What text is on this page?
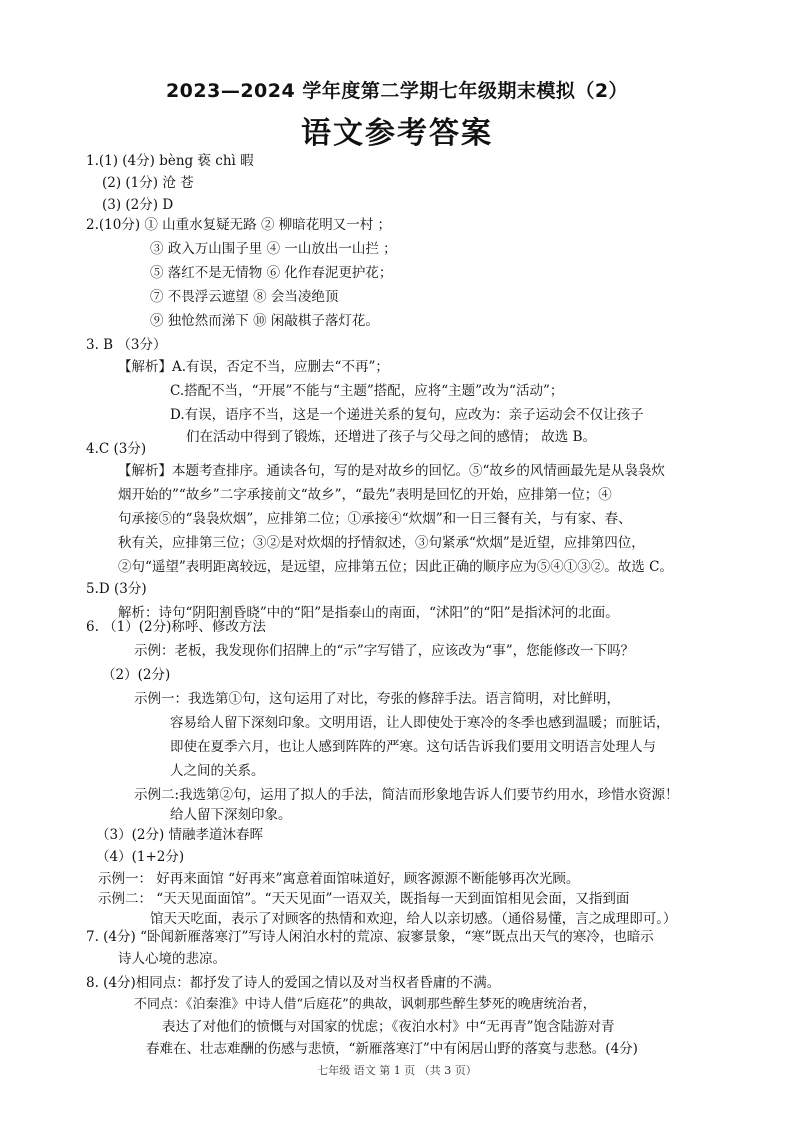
2023—2024 学年度第二学期七年级期末模拟（2）
语文参考答案
1.(1) (4分) bèng 亵 chì 暇
(2) (1分) 沧 苍
(3) (2分) D
2.(10分) ① 山重水复疑无路 ② 柳暗花明又一村 ；
③ 政入万山围子里 ④ 一山放出一山拦 ；
⑤ 落红不是无情物 ⑥ 化作春泥更护花；
⑦ 不畏浮云遮望 ⑧ 会当凌绝顶
⑨ 独怆然而涕下 ⑩ 闲敲棋子落灯花。
3. B （3分）
【解析】A.有误，否定不当，应删去“不再”；
C.搭配不当，“开展”不能与“主题”搭配，应将“主题”改为“活动”；
D.有误，语序不当，这是一个递进关系的复句，应改为：亲子运动会不仅让孩子
们在活动中得到了锻炼，还增进了孩子与父母之间的感情； 故选 B。
4.C (3分)
【解析】本题考查排序。通读各句，写的是对故乡的回忆。⑤“故乡的风情画最先是从袅袅炊
烟开始的”“故乡”二字承接前文“故乡”，“最先”表明是回忆的开始，应排第一位；④
句承接⑤的“袅袅炊烟”，应排第二位；①承接④“炊烟”和一日三餐有关，与有家、春、
秋有关，应排第三位；③②是对炊烟的抒情叙述，③句紧承“炊烟”是近望，应排第四位，
②句“遥望”表明距离较远，是远望，应排第五位；因此正确的顺序应为⑤④①③②。故选 C。
5.D (3分)
解析：诗句“阴阳割昏晓”中的“阳”是指泰山的南面，“沭阳”的“阳”是指沭河的北面。
6. （1）(2分)称呼、修改方法
示例：老板，我发现你们招牌上的“示”字写错了，应该改为“事”，您能修改一下吗？
（2）(2分)
示例一：我选第①句，这句运用了对比，夸张的修辞手法。语言简明，对比鲜明，
容易给人留下深刻印象。文明用语，让人即使处于寒冷的冬季也感到温暖；而脏话，
即使在夏季六月，也让人感到阵阵的严寒。这句话告诉我们要用文明语言处理人与
人之间的关系。
示例二:我选第②句，运用了拟人的手法，简洁而形象地告诉人们要节约用水，珍惜水资源！
给人留下深刻印象。
（3）(2分) 情融孝道沐春晖
（4）(1+2分)
示例一： 好再来面馆 “好再来”寓意着面馆味道好，顾客源源不断能够再次光顾。
示例二： “天天见面面馆”。“天天见面”一语双关，既指每一天到面馆相见会面，又指到面
馆天天吃面，表示了对顾客的热情和欢迎，给人以亲切感。（通俗易懂，言之成理即可。）
7. (4分) “卧闻新雁落寒汀”写诗人闲泊水村的荒凉、寂寥景象，“寒”既点出天气的寒冷，也暗示
诗人心境的悲凉。
8. (4分)相同点：都抒发了诗人的爱国之情以及对当权者昏庸的不满。
不同点：《泊秦淮》中诗人借“后庭花”的典故，讽刺那些醉生梦死的晚唐统治者，
七年级 语文 第 1 页 （共 3 页）
表达了对他们的愤慨与对国家的忧虑；《夜泊水村》中“无再青”饱含陆游对青
春难在、壮志难酬的伤感与悲愤，“新雁落寒汀”中有闲居山野的落寞与悲愁。(4分)
